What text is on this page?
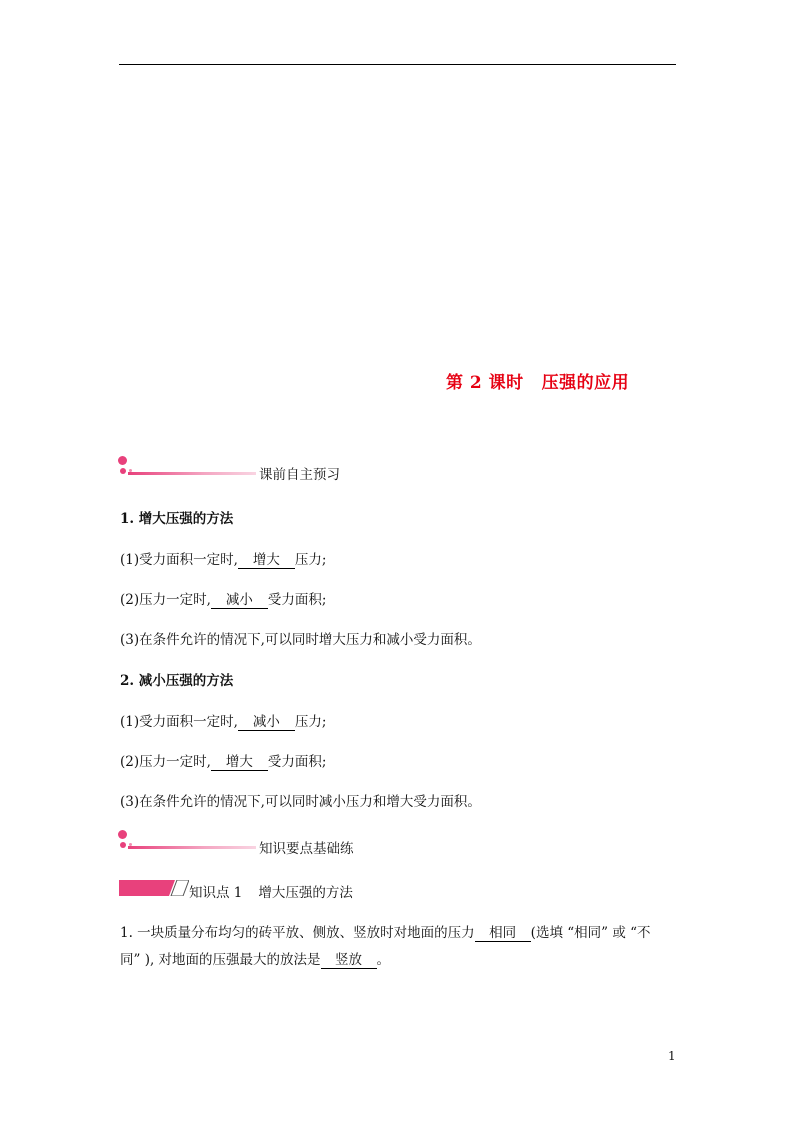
第 2 课时 压强的应用
课前自主预习
1. 增大压强的方法
(1)受力面积一定时, 增大 压力;
(2)压力一定时, 减小 受力面积;
(3)在条件允许的情况下,可以同时增大压力和减小受力面积。
2. 减小压强的方法
(1)受力面积一定时, 减小 压力;
(2)压力一定时, 增大 受力面积;
(3)在条件允许的情况下,可以同时减小压力和增大受力面积。
知识要点基础练
知识点 1 增大压强的方法
1. 一块质量分布均匀的砖平放、侧放、竖放时对地面的压力 相同 (选填 “相同” 或 “不
同” ), 对地面的压强最大的放法是 竖放 。
1
